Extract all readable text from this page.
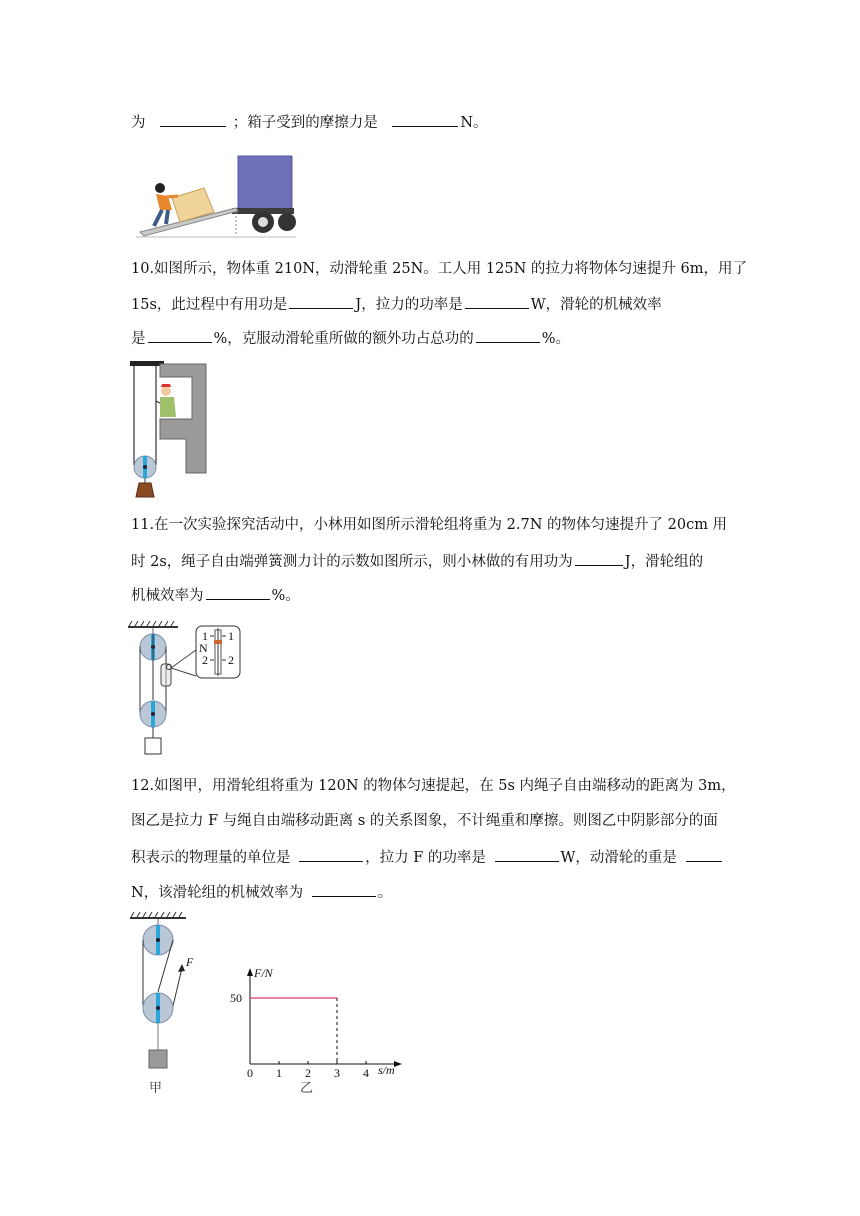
为	；箱子受到的摩擦力是	N。
10.如图所示，物体重 210N，动滑轮重 25N。工人用 125N 的拉力将物体匀速提升 6m，用了
15s，此过程中有用功是	J，拉力的功率是	W，滑轮的机械效率
是	%，克服动滑轮重所做的额外功占总功的	%。
11.在一次实验探究活动中，小林用如图所示滑轮组将重为 2.7N 的物体匀速提升了 20cm 用
时 2s，绳子自由端弹簧测力计的示数如图所示，则小林做的有用功为	J，滑轮组的
机械效率为	%。
1 1
N
2 2
12.如图甲，用滑轮组将重为 120N 的物体匀速提起，在 5s 内绳子自由端移动的距离为 3m，
图乙是拉力 F 与绳自由端移动距离 s 的关系图象，不计绳重和摩擦。则图乙中阴影部分的面
积表示的物理量的单位是	，拉力 F 的功率是	W，动滑轮的重是
N，该滑轮组的机械效率为	。
F
甲
F/N
s/m
50
0 1 2 3 4
乙
